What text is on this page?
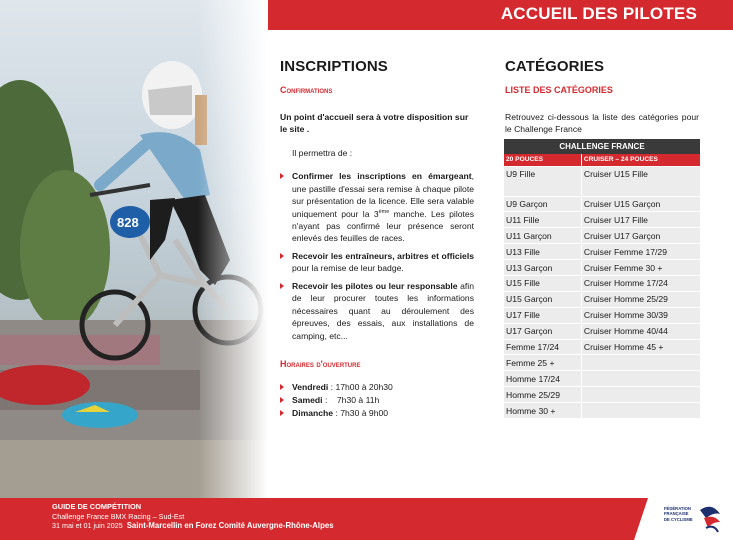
ACCUEIL DES PILOTES
828
INSCRIPTIONS
Confirmations
Un point d'accueil sera à votre disposition sur le site .
Il permettra de :
Confirmer les inscriptions en émargeant, une pastille d'essai sera remise à chaque pilote sur présentation de la licence. Elle sera valable uniquement pour la 3ème manche. Les pilotes n'ayant pas confirmé leur présence seront enlevés des feuilles de races.
Recevoir les entraîneurs, arbitres et officiels pour la remise de leur badge.
Recevoir les pilotes ou leur responsable afin de leur procurer toutes les informations nécessaires quant au déroulement des épreuves, des essais, aux installations de camping, etc...
Horaires d'ouverture
Vendredi : 17h00 à 20h30
Samedi :    7h30 à 11h
Dimanche : 7h30 à 9h00
CATÉGORIES
LISTE DES CATÉGORIES
Retrouvez ci-dessous la liste des catégories pour le Challenge France
CHALLENGE FRANCE	
20 POUCES	CRUISER – 24 POUCES
U9 Fille	Cruiser U15 Fille
U9 Garçon	Cruiser U15 Garçon
U11 Fille	Cruiser U17 Fille
U11 Garçon	Cruiser U17 Garçon
U13 Fille	Cruiser Femme 17/29
U13 Garçon	Cruiser Femme 30 +
U15 Fille	Cruiser Homme 17/24
U15 Garçon	Cruiser Homme 25/29
U17 Fille	Cruiser Homme 30/39
U17 Garçon	Cruiser Homme 40/44
Femme 17/24	Cruiser Homme 45 +
Femme 25 +	
Homme 17/24	
Homme 25/29	
Homme 30 +	
GUIDE DE COMPÉTITION
Challenge France BMX Racing – Sud-Est
31 mai et 01 juin 2025 Saint-Marcellin en Forez Comité Auvergne-Rhône-Alpes
FÉDÉRATION
FRANÇAISE
DE CYCLISME
